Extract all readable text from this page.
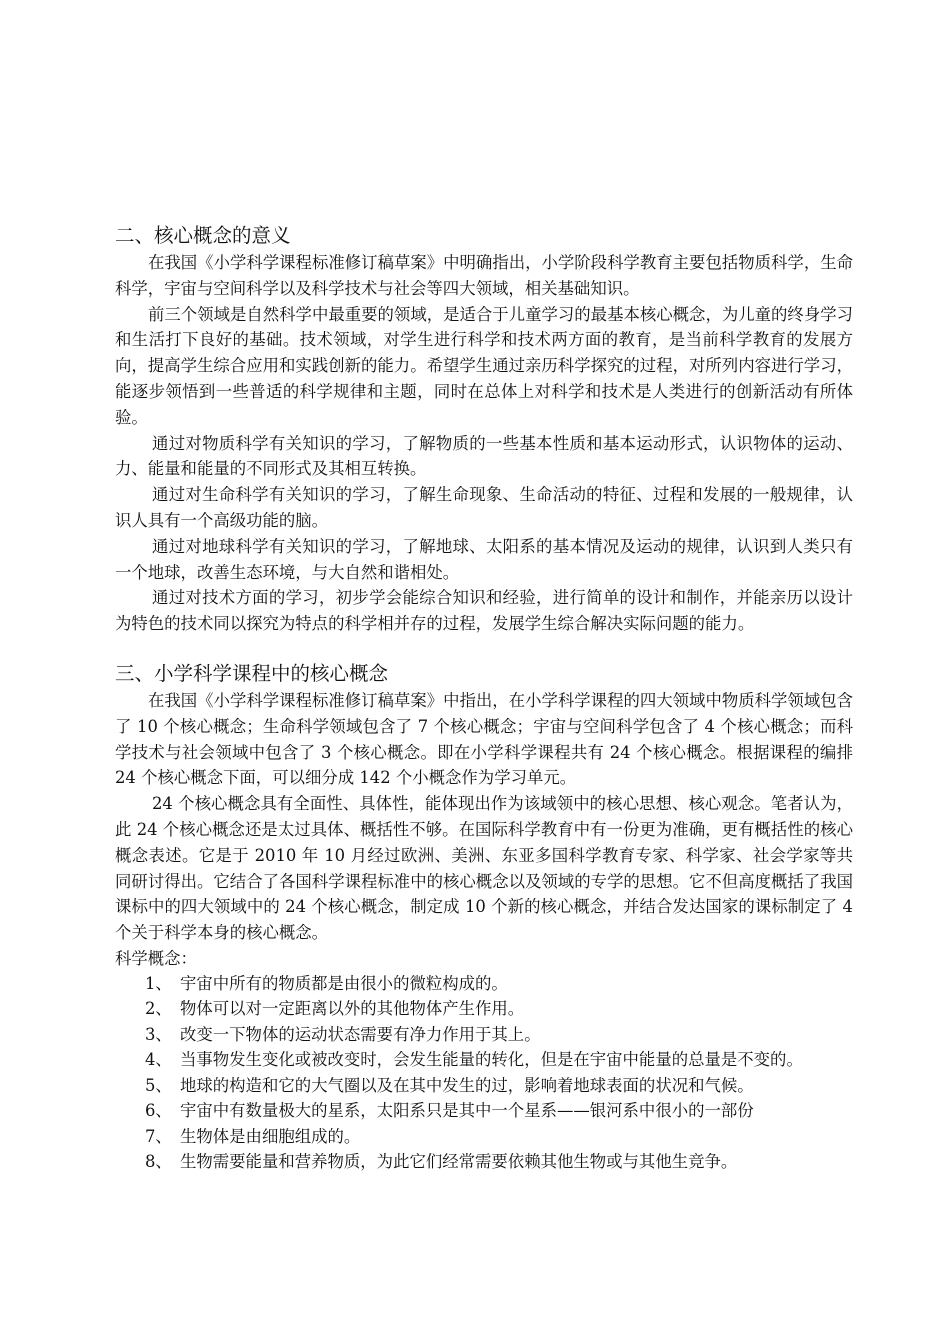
二、核心概念的意义

在我国《小学科学课程标准修订稿草案》中明确指出，小学阶段科学教育主要包括物质科学，生命科学，宇宙与空间科学以及科学技术与社会等四大领域，相关基础知识。

前三个领域是自然科学中最重要的领域，是适合于儿童学习的最基本核心概念，为儿童的终身学习和生活打下良好的基础。技术领域，对学生进行科学和技术两方面的教育，是当前科学教育的发展方向，提高学生综合应用和实践创新的能力。希望学生通过亲历科学探究的过程，对所列内容进行学习，能逐步领悟到一些普适的科学规律和主题，同时在总体上对科学和技术是人类进行的创新活动有所体验。

通过对物质科学有关知识的学习，了解物质的一些基本性质和基本运动形式，认识物体的运动、力、能量和能量的不同形式及其相互转换。

通过对生命科学有关知识的学习，了解生命现象、生命活动的特征、过程和发展的一般规律，认识人具有一个高级功能的脑。

通过对地球科学有关知识的学习，了解地球、太阳系的基本情况及运动的规律，认识到人类只有一个地球，改善生态环境，与大自然和谐相处。

通过对技术方面的学习，初步学会能综合知识和经验，进行简单的设计和制作，并能亲历以设计为特色的技术同以探究为特点的科学相并存的过程，发展学生综合解决实际问题的能力。

三、小学科学课程中的核心概念

在我国《小学科学课程标准修订稿草案》中指出，在小学科学课程的四大领域中物质科学领域包含了 10 个核心概念；生命科学领域包含了 7 个核心概念；宇宙与空间科学包含了 4 个核心概念；而科学技术与社会领域中包含了 3 个核心概念。即在小学科学课程共有 24 个核心概念。根据课程的编排 24 个核心概念下面，可以细分成 142 个小概念作为学习单元。

24 个核心概念具有全面性、具体性，能体现出作为该域领中的核心思想、核心观念。笔者认为，此 24 个核心概念还是太过具体、概括性不够。在国际科学教育中有一份更为准确，更有概括性的核心概念表述。它是于 2010 年 10 月经过欧洲、美洲、东亚多国科学教育专家、科学家、社会学家等共同研讨得出。它结合了各国科学课程标准中的核心概念以及领域的专学的思想。它不但高度概括了我国课标中的四大领域中的 24 个核心概念，制定成 10 个新的核心概念，并结合发达国家的课标制定了 4 个关于科学本身的核心概念。

科学概念：

1、 宇宙中所有的物质都是由很小的微粒构成的。
2、 物体可以对一定距离以外的其他物体产生作用。
3、 改变一下物体的运动状态需要有净力作用于其上。
4、 当事物发生变化或被改变时，会发生能量的转化，但是在宇宙中能量的总量是不变的。
5、 地球的构造和它的大气圈以及在其中发生的过，影响着地球表面的状况和气候。
6、 宇宙中有数量极大的星系，太阳系只是其中一个星系——银河系中很小的一部份
7、 生物体是由细胞组成的。
8、 生物需要能量和营养物质，为此它们经常需要依赖其他生物或与其他生竞争。
